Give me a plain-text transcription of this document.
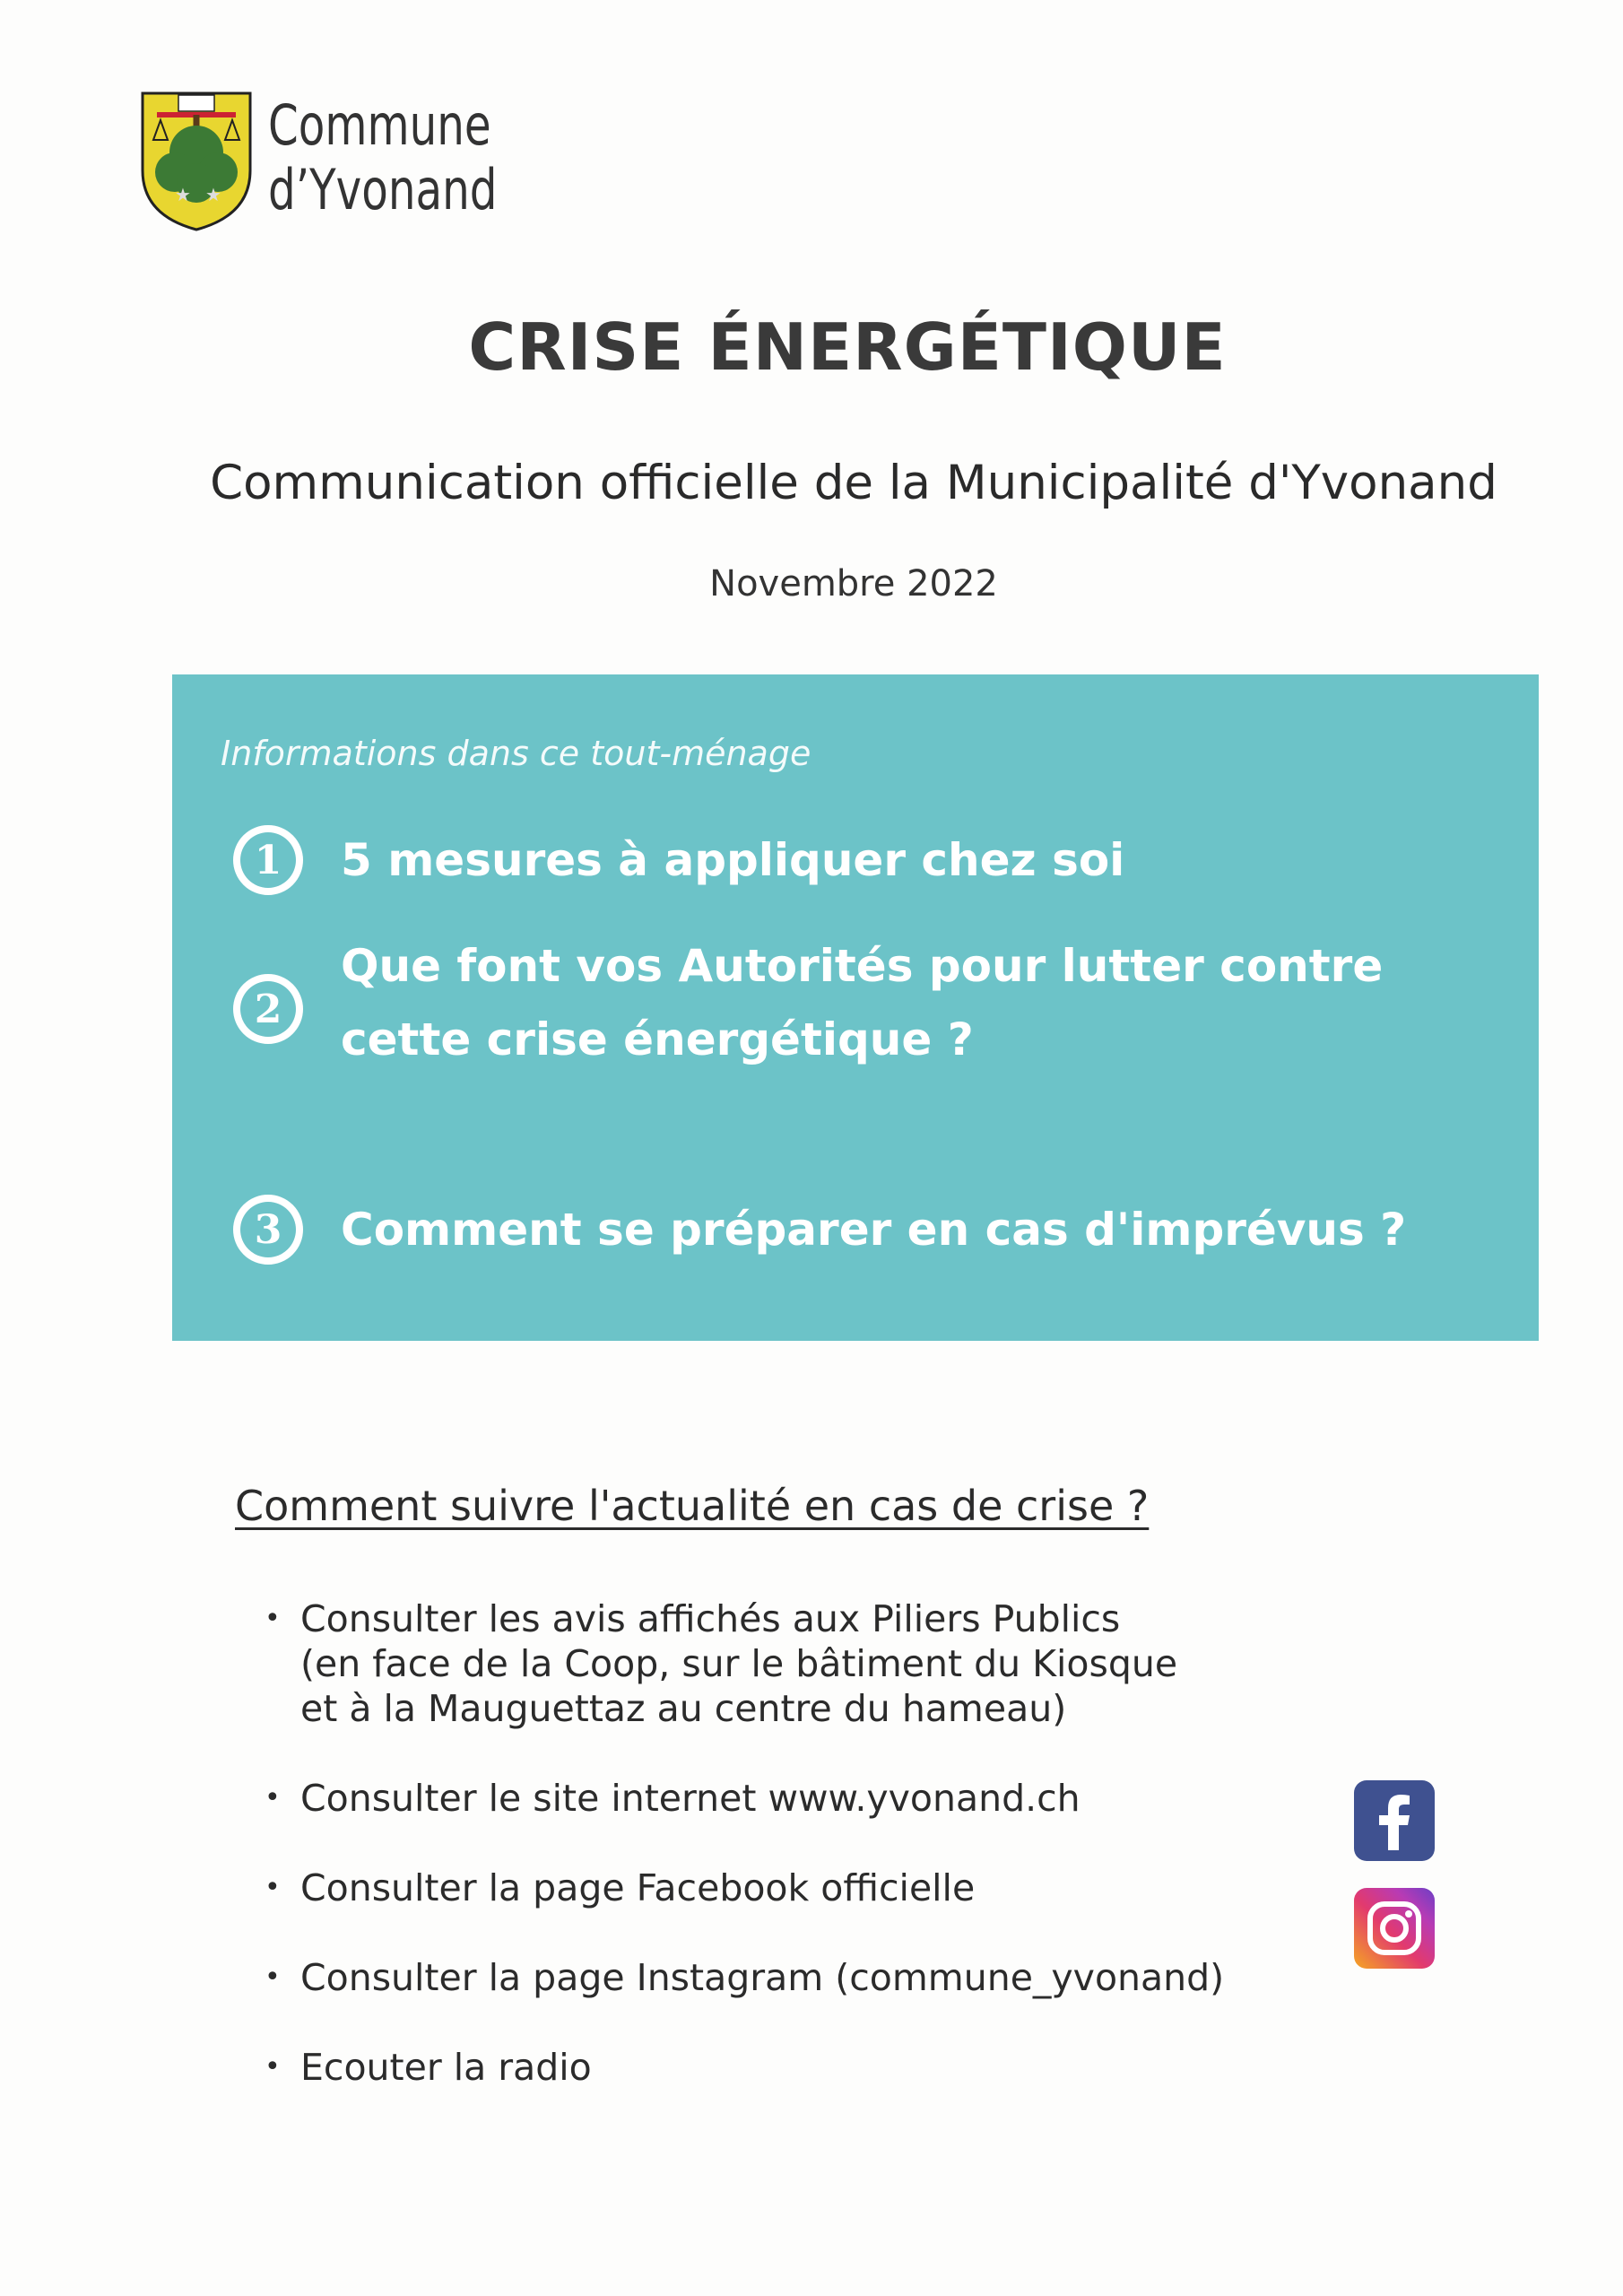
★ ★
Commune
d’Yvonand
CRISE ÉNERGÉTIQUE
Communication officielle de la Municipalité d'Yvonand
Novembre 2022
Informations dans ce tout-ménage
1	5 mesures à appliquer chez soi
2
Que font vos Autorités pour lutter contre cette crise énergétique ?
3	Comment se préparer en cas d'imprévus ?
Comment suivre l'actualité en cas de crise ?
• Consulter les avis affichés aux Piliers Publics
(en face de la Coop, sur le bâtiment du Kiosque
et à la Mauguettaz au centre du hameau)
• Consulter le site internet www.yvonand.ch
• Consulter la page Facebook officielle
• Consulter la page Instagram (commune_yvonand)
• Ecouter la radio
